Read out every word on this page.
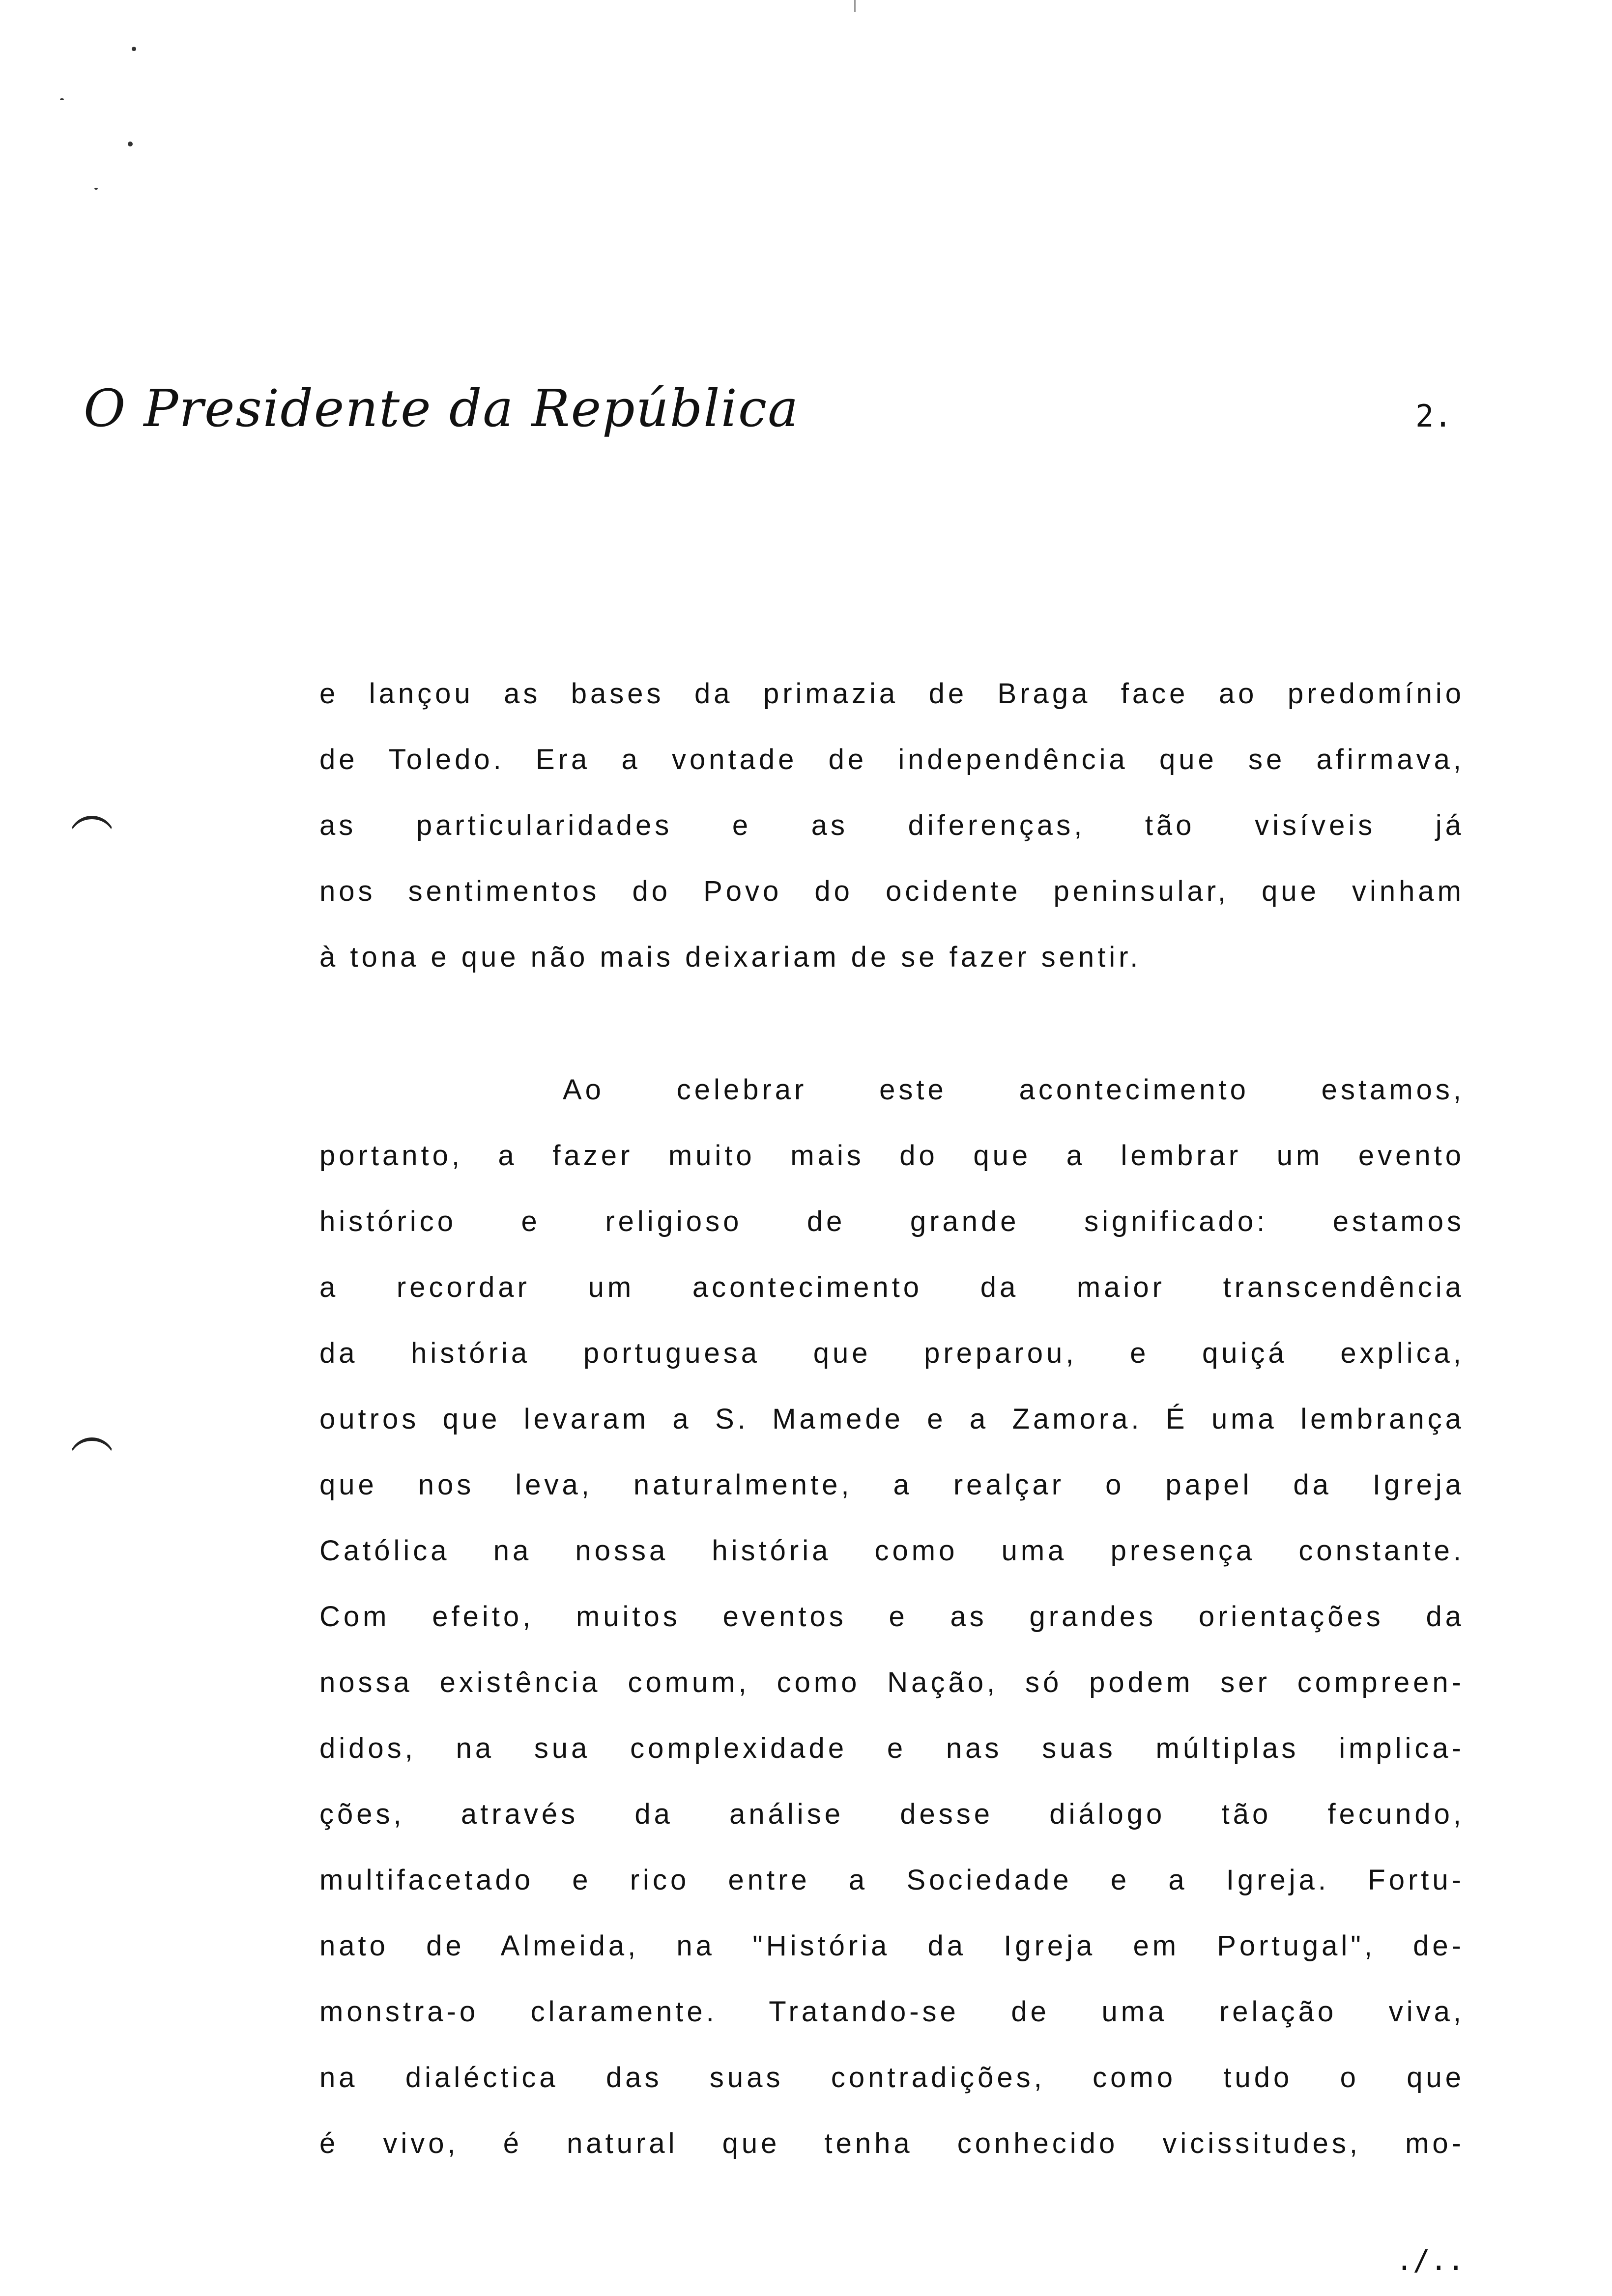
O Presidente da República	2.
e lançou as bases da primazia de Braga face ao predomínio
de Toledo. Era a vontade de independência que se afirmava,
as particularidades e as diferenças, tão visíveis já
nos sentimentos do Povo do ocidente peninsular, que vinham
à tona e que não mais deixariam de se fazer sentir.
Ao celebrar este acontecimento estamos,
portanto, a fazer muito mais do que a lembrar um evento
histórico e religioso de grande significado: estamos
a recordar um acontecimento da maior transcendência
da história portuguesa que preparou, e quiçá explica,
outros que levaram a S. Mamede e a Zamora. É uma lembrança
que nos leva, naturalmente, a realçar o papel da Igreja
Católica na nossa história como uma presença constante.
Com efeito, muitos eventos e as grandes orientações da
nossa existência comum, como Nação, só podem ser compreen-
didos, na sua complexidade e nas suas múltiplas implica-
ções, através da análise desse diálogo tão fecundo,
multifacetado e rico entre a Sociedade e a Igreja. Fortu-
nato de Almeida, na "História da Igreja em Portugal", de-
monstra-o claramente. Tratando-se de uma relação viva,
na dialéctica das suas contradições, como tudo o que
é vivo, é natural que tenha conhecido vicissitudes, mo-
./..
